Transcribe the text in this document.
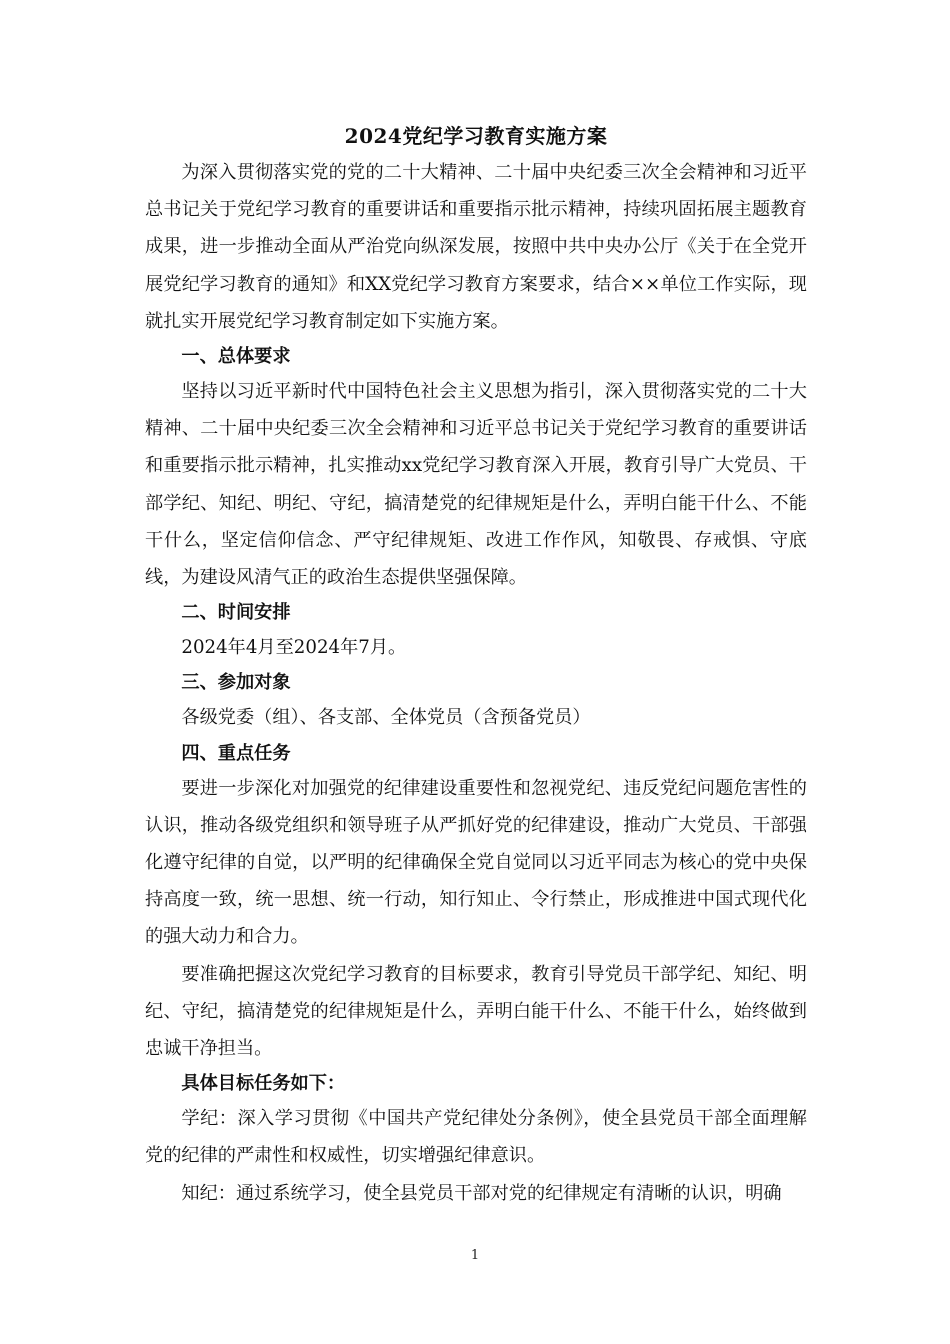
2024党纪学习教育实施方案

为深入贯彻落实党的党的二十大精神、二十届中央纪委三次全会精神和习近平总书记关于党纪学习教育的重要讲话和重要指示批示精神，持续巩固拓展主题教育成果，进一步推动全面从严治党向纵深发展，按照中共中央办公厅《关于在全党开展党纪学习教育的通知》和XX党纪学习教育方案要求，结合××单位工作实际，现就扎实开展党纪学习教育制定如下实施方案。

一、总体要求

坚持以习近平新时代中国特色社会主义思想为指引，深入贯彻落实党的二十大精神、二十届中央纪委三次全会精神和习近平总书记关于党纪学习教育的重要讲话和重要指示批示精神，扎实推动xx党纪学习教育深入开展，教育引导广大党员、干部学纪、知纪、明纪、守纪，搞清楚党的纪律规矩是什么，弄明白能干什么、不能干什么，坚定信仰信念、严守纪律规矩、改进工作作风，知敬畏、存戒惧、守底线，为建设风清气正的政治生态提供坚强保障。

二、时间安排

2024年4月至2024年7月。

三、参加对象

各级党委（组）、各支部、全体党员（含预备党员）

四、重点任务

要进一步深化对加强党的纪律建设重要性和忽视党纪、违反党纪问题危害性的认识，推动各级党组织和领导班子从严抓好党的纪律建设，推动广大党员、干部强化遵守纪律的自觉，以严明的纪律确保全党自觉同以习近平同志为核心的党中央保持高度一致，统一思想、统一行动，知行知止、令行禁止，形成推进中国式现代化的强大动力和合力。

要准确把握这次党纪学习教育的目标要求，教育引导党员干部学纪、知纪、明纪、守纪，搞清楚党的纪律规矩是什么，弄明白能干什么、不能干什么，始终做到忠诚干净担当。

具体目标任务如下：

学纪：深入学习贯彻《中国共产党纪律处分条例》，使全县党员干部全面理解党的纪律的严肃性和权威性，切实增强纪律意识。

知纪：通过系统学习，使全县党员干部对党的纪律规定有清晰的认识，明确

1
